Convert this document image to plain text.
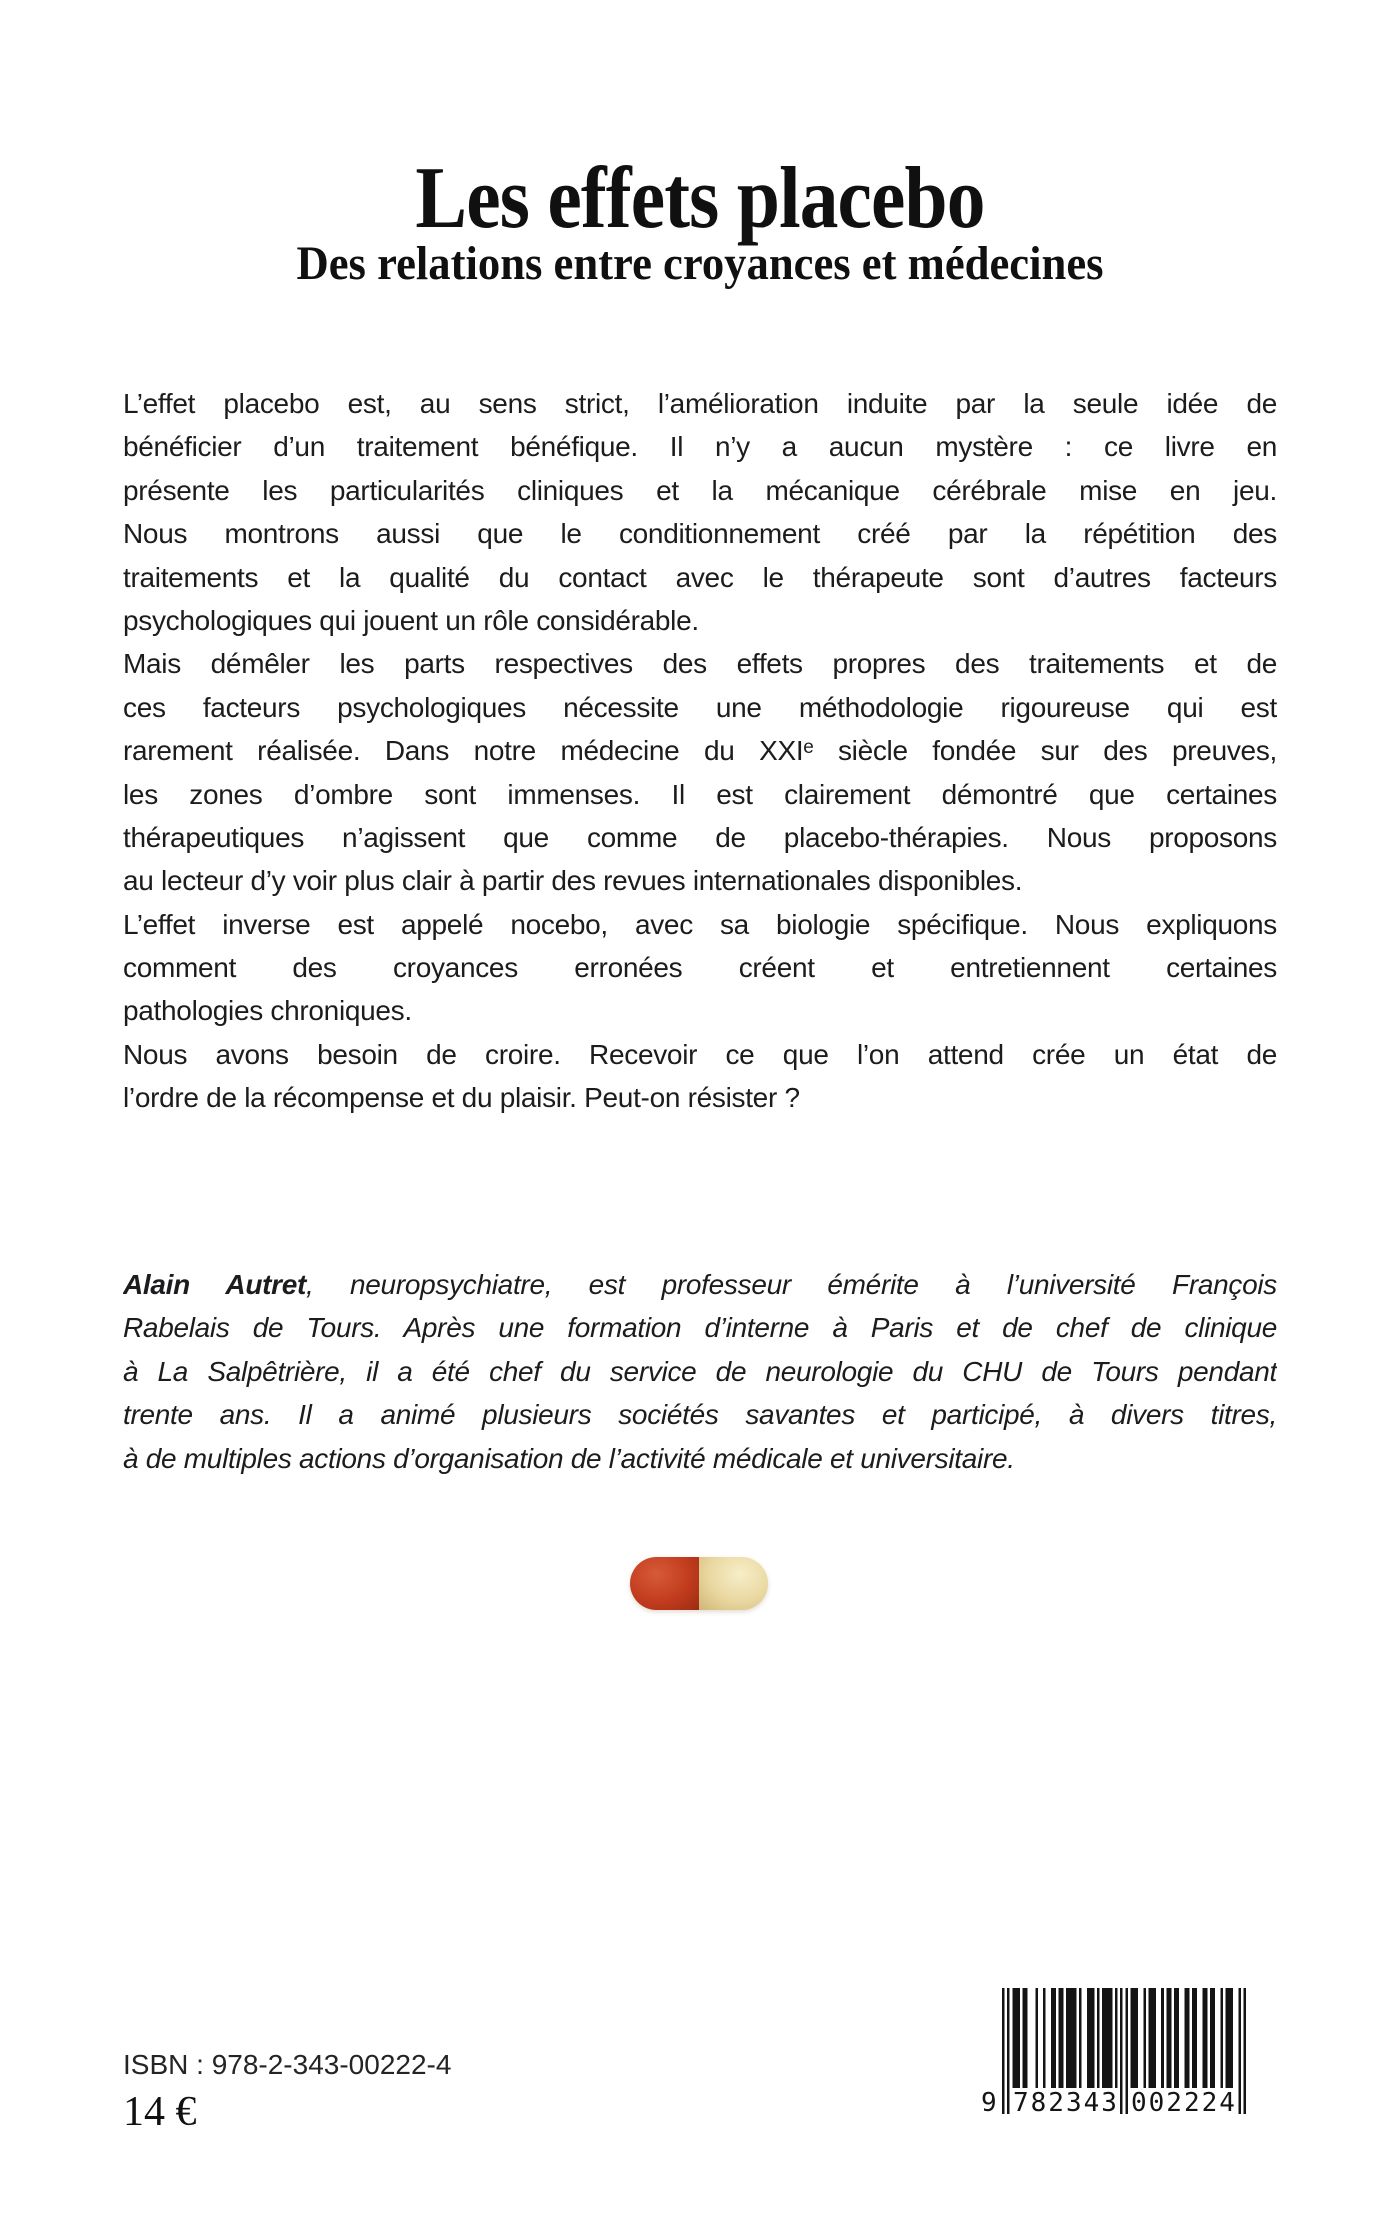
Les effets placebo
Des relations entre croyances et médecines
L’effet placebo est, au sens strict, l’amélioration induite par la seule idée de
bénéficier d’un traitement bénéfique. Il n’y a aucun mystère : ce livre en
présente les particularités cliniques et la mécanique cérébrale mise en jeu.
Nous montrons aussi que le conditionnement créé par la répétition des
traitements et la qualité du contact avec le thérapeute sont d’autres facteurs
psychologiques qui jouent un rôle considérable.
Mais démêler les parts respectives des effets propres des traitements et de
ces facteurs psychologiques nécessite une méthodologie rigoureuse qui est
rarement réalisée. Dans notre médecine du XXIᵉ siècle fondée sur des preuves,
les zones d’ombre sont immenses. Il est clairement démontré que certaines
thérapeutiques n’agissent que comme de placebo-thérapies. Nous proposons
au lecteur d’y voir plus clair à partir des revues internationales disponibles.
L’effet inverse est appelé nocebo, avec sa biologie spécifique. Nous expliquons
comment des croyances erronées créent et entretiennent certaines
pathologies chroniques.
Nous avons besoin de croire. Recevoir ce que l’on attend crée un état de
l’ordre de la récompense et du plaisir. Peut-on résister ?
Alain Autret, neuropsychiatre, est professeur émérite à l’université François
Rabelais de Tours. Après une formation d’interne à Paris et de chef de clinique
à La Salpêtrière, il a été chef du service de neurologie du CHU de Tours pendant
trente ans. Il a animé plusieurs sociétés savantes et participé, à divers titres,
à de multiples actions d’organisation de l’activité médicale et universitaire.
ISBN : 978-2-343-00222-4
14 €	9 782343 002224
